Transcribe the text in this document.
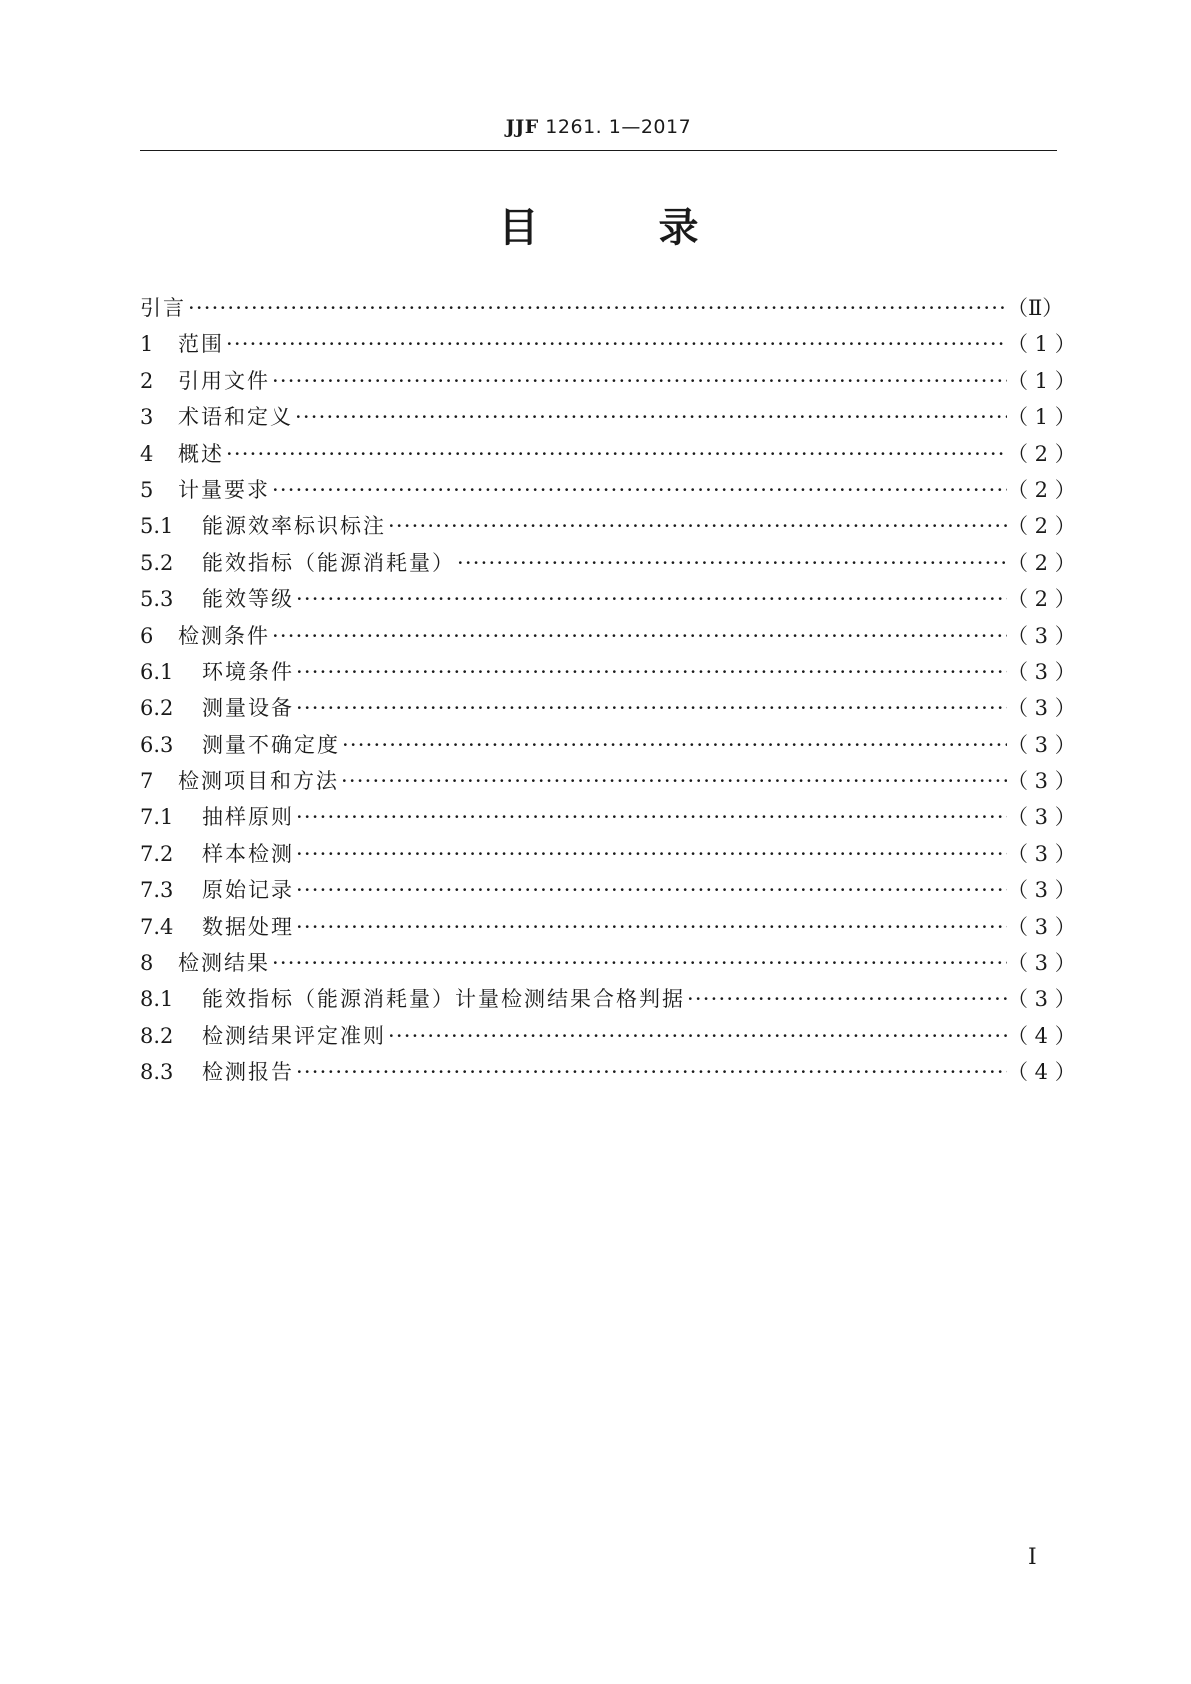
JJF 1261. 1—2017
目　　　录
引言 ·····	（Ⅱ）
1	范围 ·····	（ 1 ）
2	引用文件 ·····	（ 1 ）
3	术语和定义 ·····	（ 1 ）
4	概述 ·····	（ 2 ）
5	计量要求 ·····	（ 2 ）
5.1	能源效率标识标注 ·····	（ 2 ）
5.2	能效指标（能源消耗量） ·····	（ 2 ）
5.3	能效等级 ·····	（ 2 ）
6	检测条件 ·····	（ 3 ）
6.1	环境条件 ·····	（ 3 ）
6.2	测量设备 ·····	（ 3 ）
6.3	测量不确定度 ·····	（ 3 ）
7	检测项目和方法 ·····	（ 3 ）
7.1	抽样原则 ·····	（ 3 ）
7.2	样本检测 ·····	（ 3 ）
7.3	原始记录 ·····	（ 3 ）
7.4	数据处理 ·····	（ 3 ）
8	检测结果 ·····	（ 3 ）
8.1	能效指标（能源消耗量）计量检测结果合格判据 ·····	（ 3 ）
8.2	检测结果评定准则 ·····	（ 4 ）
8.3	检测报告 ·····	（ 4 ）
Ⅰ
